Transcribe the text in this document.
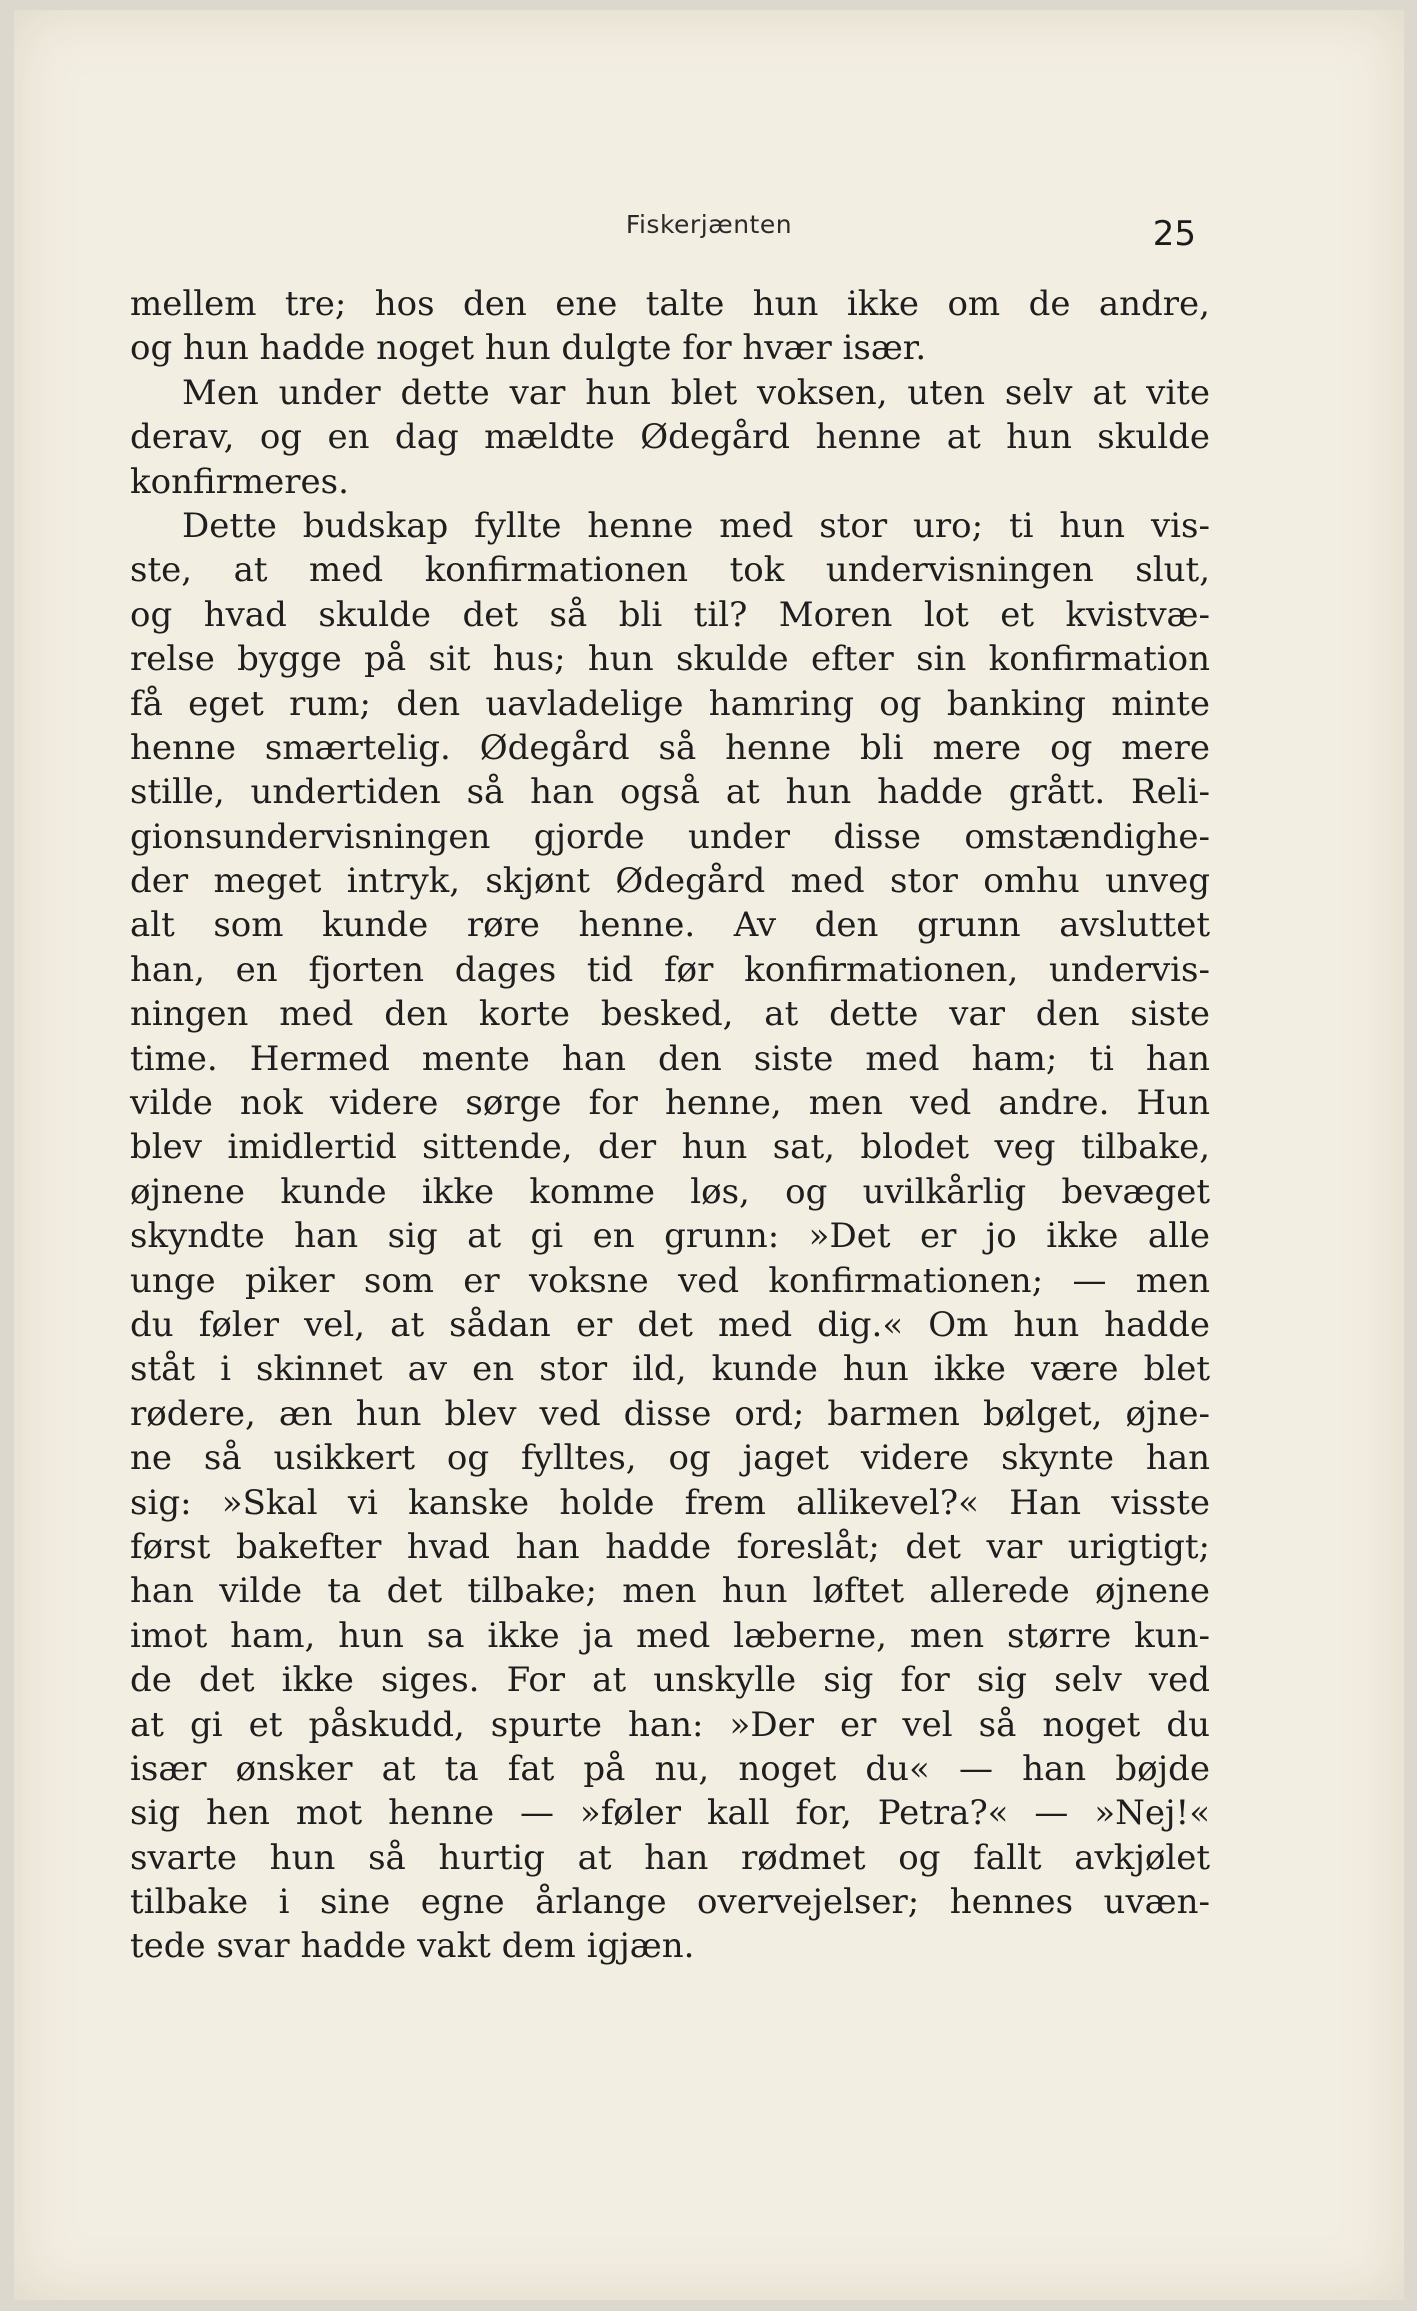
Fiskerjænten	25
mellem tre; hos den ene talte hun ikke om de andre,
og hun hadde noget hun dulgte for hvær især.
Men under dette var hun blet voksen, uten selv at vite
derav, og en dag mældte Ødegård henne at hun skulde
konfirmeres.
Dette budskap fyllte henne med stor uro; ti hun vis-
ste, at med konfirmationen tok undervisningen slut,
og hvad skulde det så bli til? Moren lot et kvistvæ-
relse bygge på sit hus; hun skulde efter sin konfirmation
få eget rum; den uavladelige hamring og banking minte
henne smærtelig. Ødegård så henne bli mere og mere
stille, undertiden så han også at hun hadde grått. Reli-
gionsundervisningen gjorde under disse omstændighe-
der meget intryk, skjønt Ødegård med stor omhu unveg
alt som kunde røre henne. Av den grunn avsluttet
han, en fjorten dages tid før konfirmationen, undervis-
ningen med den korte besked, at dette var den siste
time. Hermed mente han den siste med ham; ti han
vilde nok videre sørge for henne, men ved andre. Hun
blev imidlertid sittende, der hun sat, blodet veg tilbake,
øjnene kunde ikke komme løs, og uvilkårlig bevæget
skyndte han sig at gi en grunn: »Det er jo ikke alle
unge piker som er voksne ved konfirmationen; — men
du føler vel, at sådan er det med dig.« Om hun hadde
ståt i skinnet av en stor ild, kunde hun ikke være blet
rødere, æn hun blev ved disse ord; barmen bølget, øjne-
ne så usikkert og fylltes, og jaget videre skynte han
sig: »Skal vi kanske holde frem allikevel?« Han visste
først bakefter hvad han hadde foreslåt; det var urigtigt;
han vilde ta det tilbake; men hun løftet allerede øjnene
imot ham, hun sa ikke ja med læberne, men større kun-
de det ikke siges. For at unskylle sig for sig selv ved
at gi et påskudd, spurte han: »Der er vel så noget du
især ønsker at ta fat på nu, noget du« — han bøjde
sig hen mot henne — »føler kall for, Petra?« — »Nej!«
svarte hun så hurtig at han rødmet og fallt avkjølet
tilbake i sine egne årlange overvejelser; hennes uvæn-
tede svar hadde vakt dem igjæn.
